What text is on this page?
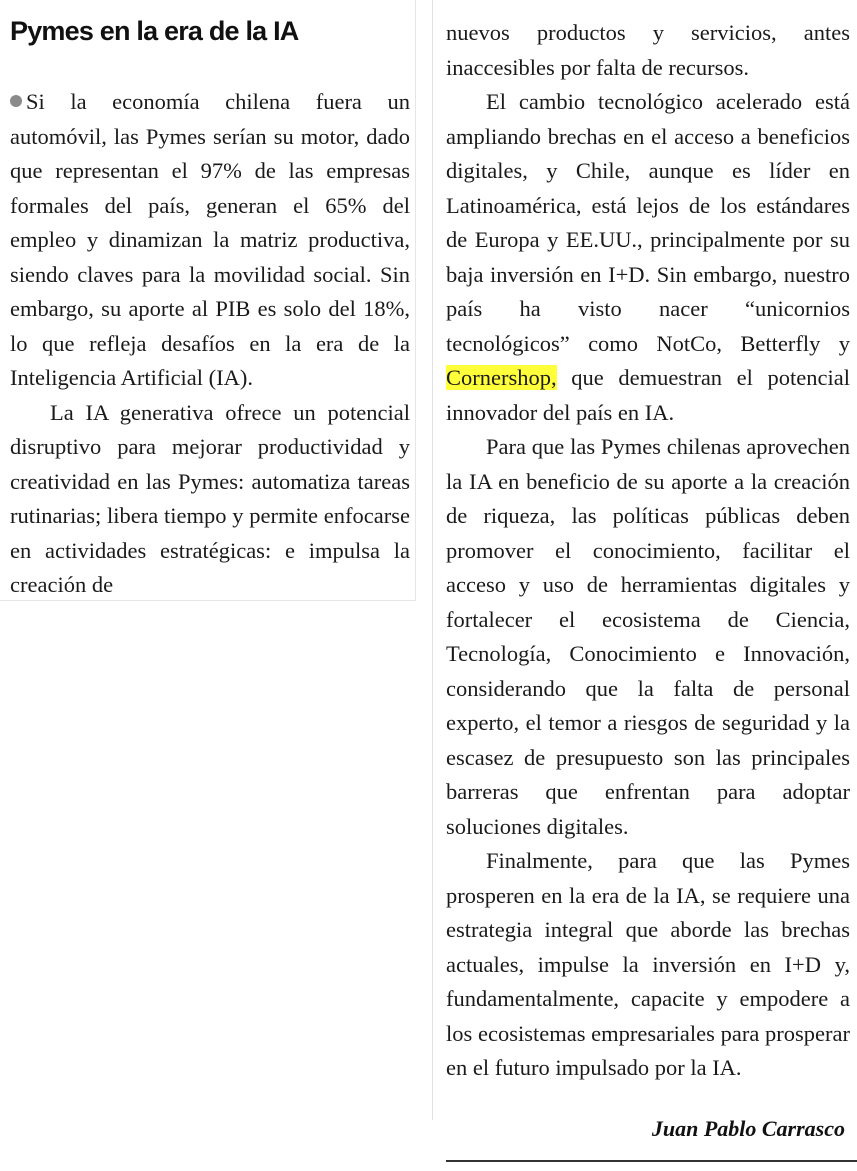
Pymes en la era de la IA

Si la economía chilena fuera un automóvil, las Pymes serían su motor, dado que representan el 97% de las empresas formales del país, generan el 65% del empleo y dinamizan la matriz productiva, siendo claves para la movilidad social. Sin embargo, su aporte al PIB es solo del 18%, lo que refleja desafíos en la era de la Inteligencia Artificial (IA).

La IA generativa ofrece un potencial disruptivo para mejorar productividad y creatividad en las Pymes: automatiza tareas rutinarias; libera tiempo y permite enfocarse en actividades estratégicas: e impulsa la creación de

nuevos productos y servicios, antes inaccesibles por falta de recursos.

El cambio tecnológico acelerado está ampliando brechas en el acceso a beneficios digitales, y Chile, aunque es líder en Latinoamérica, está lejos de los estándares de Europa y EE.UU., principalmente por su baja inversión en I+D. Sin embargo, nuestro país ha visto nacer “unicornios tecnológicos” como NotCo, Betterfly y Cornershop, que demuestran el potencial innovador del país en IA.

Para que las Pymes chilenas aprovechen la IA en beneficio de su aporte a la creación de riqueza, las políticas públicas deben promover el conocimiento, facilitar el acceso y uso de herramientas digitales y fortalecer el ecosistema de Ciencia, Tecnología, Conocimiento e Innovación, considerando que la falta de personal experto, el temor a riesgos de seguridad y la escasez de presupuesto son las principales barreras que enfrentan para adoptar soluciones digitales.

Finalmente, para que las Pymes prosperen en la era de la IA, se requiere una estrategia integral que aborde las brechas actuales, impulse la inversión en I+D y, fundamentalmente, capacite y empodere a los ecosistemas empresariales para prosperar en el futuro impulsado por la IA.

Juan Pablo Carrasco
